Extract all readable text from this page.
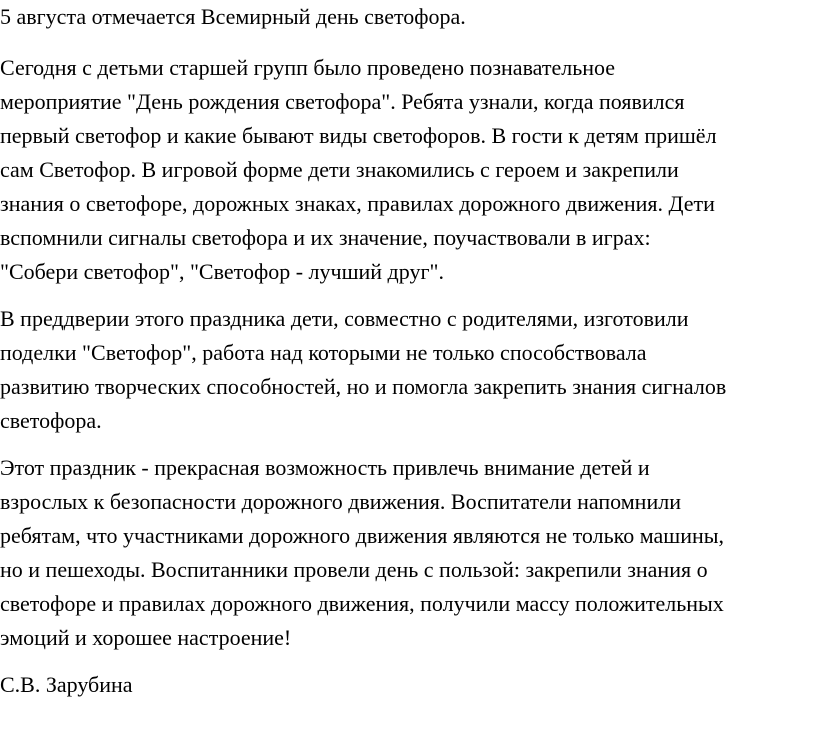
5 августа отмечается Всемирный день светофора.

Сегодня с детьми старшей групп было проведено познавательное
мероприятие "День рождения светофора". Ребята узнали, когда появился
первый светофор и какие бывают виды светофоров. В гости к детям пришёл
сам Светофор. В игровой форме дети знакомились с героем и закрепили
знания о светофоре, дорожных знаках, правилах дорожного движения. Дети
вспомнили сигналы светофора и их значение, поучаствовали в играх:
"Собери светофор", "Светофор - лучший друг".

В преддверии этого праздника дети, совместно с родителями, изготовили
поделки "Светофор", работа над которыми не только способствовала
развитию творческих способностей, но и помогла закрепить знания сигналов
светофора.

Этот праздник - прекрасная возможность привлечь внимание детей и
взрослых к безопасности дорожного движения. Воспитатели напомнили
ребятам, что участниками дорожного движения являются не только машины,
но и пешеходы. Воспитанники провели день с пользой: закрепили знания о
светофоре и правилах дорожного движения, получили массу положительных
эмоций и хорошее настроение!

С.В. Зарубина
